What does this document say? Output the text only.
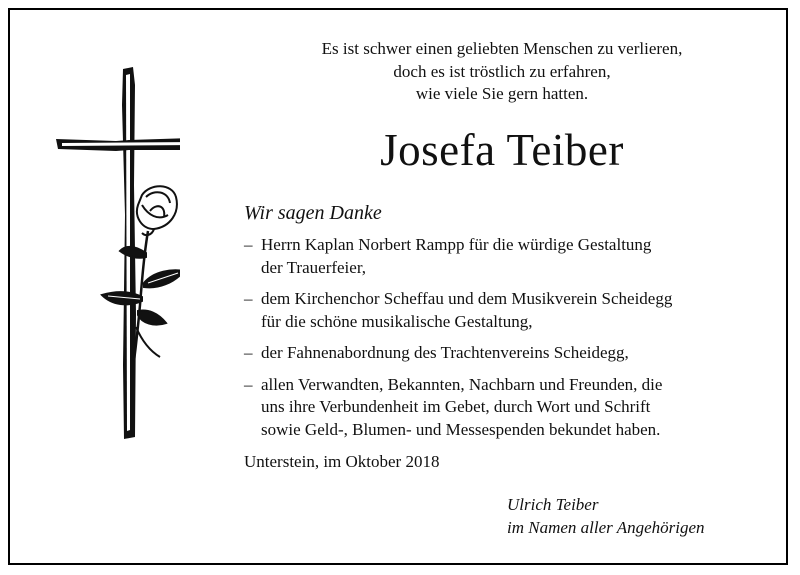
Es ist schwer einen geliebten Menschen zu verlieren,
doch es ist tröstlich zu erfahren,
wie viele Sie gern hatten.
Josefa Teiber
Wir sagen Danke
– Herrn Kaplan Norbert Rampp für die würdige Gestaltung
der Trauerfeier,
– dem Kirchenchor Scheffau und dem Musikverein Scheidegg
für die schöne musikalische Gestaltung,
– der Fahnenabordnung des Trachtenvereins Scheidegg,
– allen Verwandten, Bekannten, Nachbarn und Freunden, die
uns ihre Verbundenheit im Gebet, durch Wort und Schrift
sowie Geld-, Blumen- und Messespenden bekundet haben.
Unterstein, im Oktober 2018
Ulrich Teiber
im Namen aller Angehörigen
